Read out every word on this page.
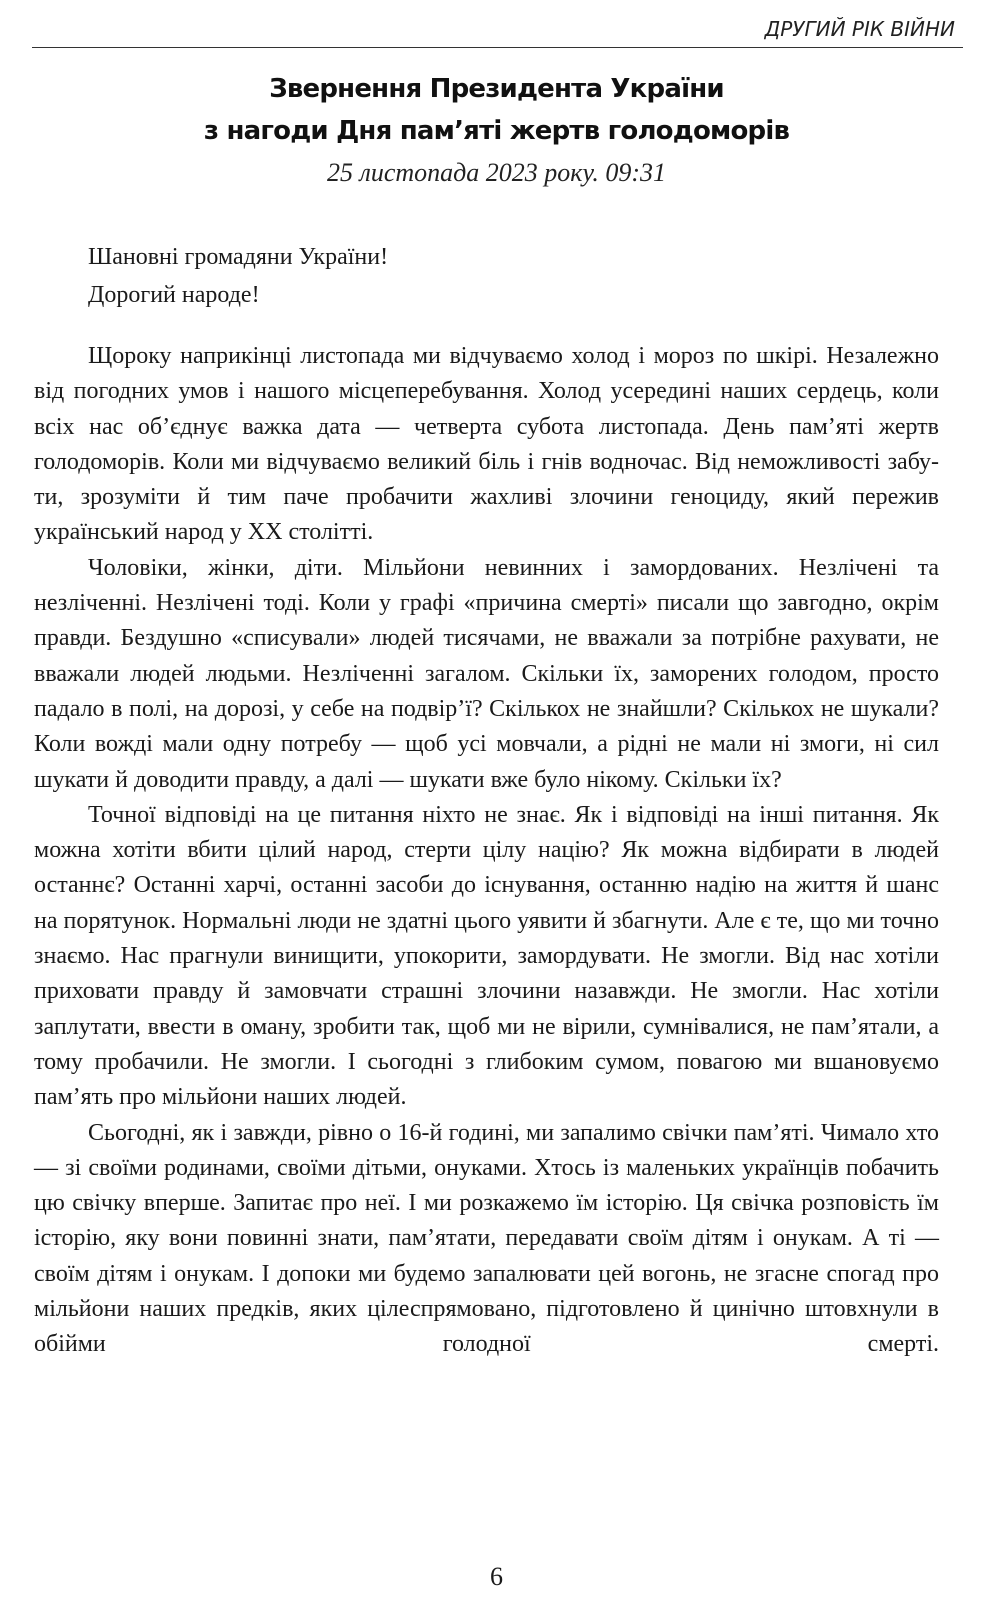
ДРУГИЙ РІК ВІЙНИ
Звернення Президента України
з нагоди Дня пам’яті жертв голодоморів
25 листопада 2023 року. 09:31
Шановні громадяни України!
Дорогий народе!

Щороку наприкінці листопада ми відчуваємо холод і мороз по шкірі. Незалежно від погодних умов і нашого місцеперебування. Холод усередині наших сердець, коли всіх нас об’єднує важка дата — четверта субота листопада. День пам’яті жертв голодоморів. Коли ми відчуваємо великий біль і гнів водночас. Від неможливості забути, зрозуміти й тим паче пробачити жахливі злочини геноциду, який пережив український народ у ХХ столітті.

Чоловіки, жінки, діти. Мільйони невинних і замордованих. Незлічені та незліченні. Незлічені тоді. Коли у графі «причина смерті» писали що завгодно, окрім правди. Бездушно «списували» людей тисячами, не вважали за потрібне рахувати, не вважали людей людьми. Незліченні загалом. Скільки їх, заморених голодом, просто падало в полі, на дорозі, у себе на подвір’ї? Скількох не знайшли? Скількох не шукали? Коли вожді мали одну потребу — щоб усі мовчали, а рідні не мали ні змоги, ні сил шукати й доводити правду, а далі — шукати вже було нікому. Скільки їх?

Точної відповіді на це питання ніхто не знає. Як і відповіді на інші питання. Як можна хотіти вбити цілий народ, стерти цілу націю? Як можна відбирати в людей останнє? Останні харчі, останні засоби до існування, останню надію на життя й шанс на порятунок. Нормальні люди не здатні цього уявити й збагнути. Але є те, що ми точно знаємо. Нас прагнули винищити, упокорити, замордувати. Не змогли. Від нас хотіли приховати правду й замовчати страшні злочини назавжди. Не змогли. Нас хотіли заплутати, ввести в оману, зробити так, щоб ми не вірили, сумнівалися, не пам’ятали, а тому пробачили. Не змогли. І сьогодні з глибоким сумом, повагою ми вшановуємо пам’ять про мільйони наших людей.

Сьогодні, як і завжди, рівно о 16-й годині, ми запалимо свічки пам’яті. Чимало хто — зі своїми родинами, своїми дітьми, онуками. Хтось із маленьких українців побачить цю свічку вперше. Запитає про неї. І ми розкажемо їм історію. Ця свічка розповість їм історію, яку вони повинні знати, пам’ятати, передавати своїм дітям і онукам. А ті — своїм дітям і онукам. І допоки ми будемо запалювати цей вогонь, не згасне спогад про мільйони наших предків, яких цілеспрямовано, підготовлено й цинічно штовхнули в обійми голодної смерті.

6
